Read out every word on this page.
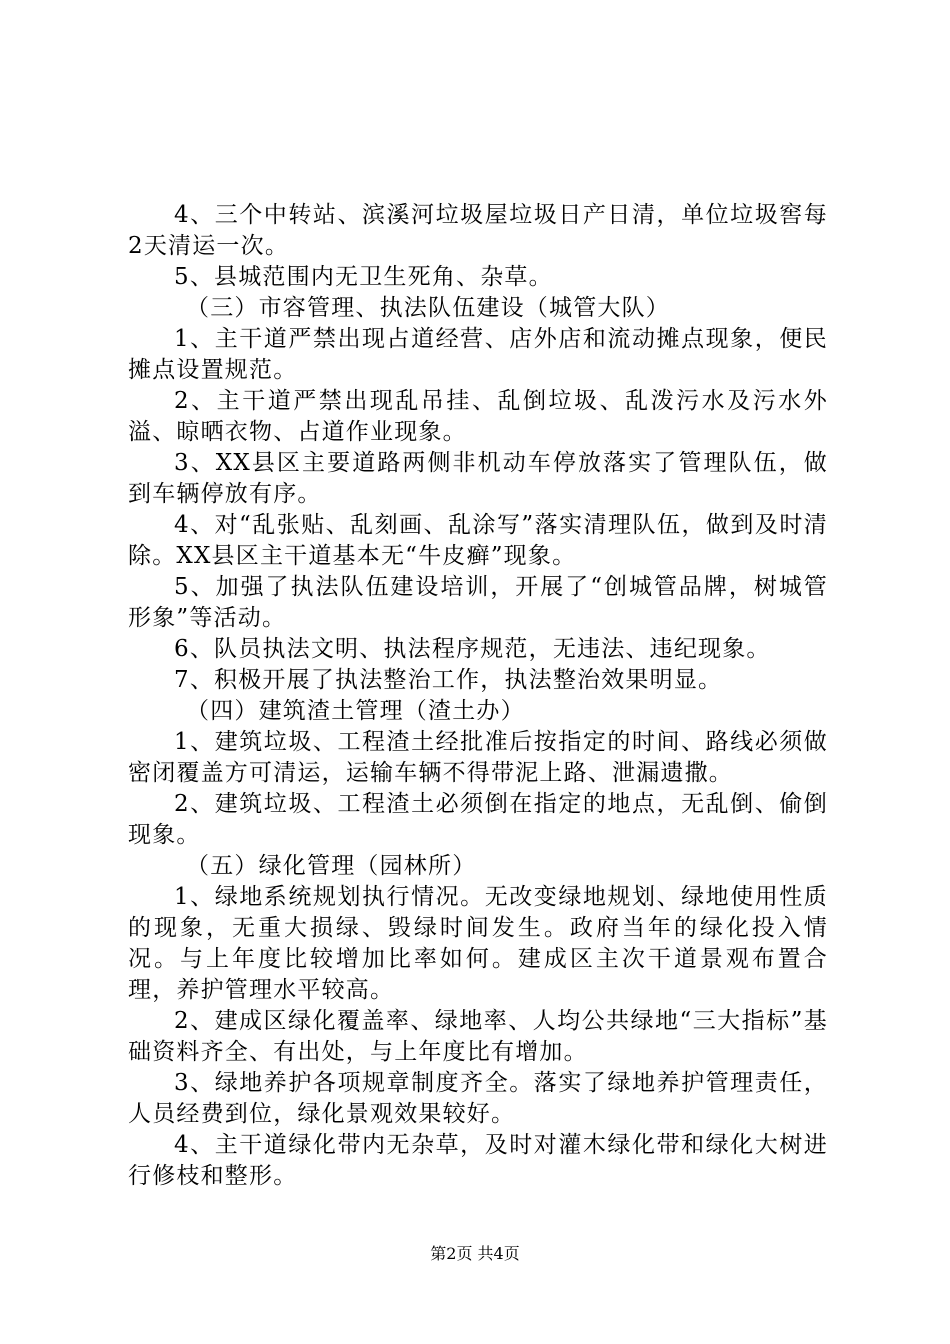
4、三个中转站、滨溪河垃圾屋垃圾日产日清，单位垃圾窖每2天清运一次。

5、县城范围内无卫生死角、杂草。

（三）市容管理、执法队伍建设（城管大队）

1、主干道严禁出现占道经营、店外店和流动摊点现象，便民摊点设置规范。

2、主干道严禁出现乱吊挂、乱倒垃圾、乱泼污水及污水外溢、晾晒衣物、占道作业现象。

3、XX县区主要道路两侧非机动车停放落实了管理队伍，做到车辆停放有序。

4、对“乱张贴、乱刻画、乱涂写”落实清理队伍，做到及时清除。XX县区主干道基本无“牛皮癣”现象。

5、加强了执法队伍建设培训，开展了“创城管品牌，树城管形象”等活动。

6、队员执法文明、执法程序规范，无违法、违纪现象。

7、积极开展了执法整治工作，执法整治效果明显。

（四）建筑渣土管理（渣土办）

1、建筑垃圾、工程渣土经批准后按指定的时间、路线必须做密闭覆盖方可清运，运输车辆不得带泥上路、泄漏遗撒。

2、建筑垃圾、工程渣土必须倒在指定的地点，无乱倒、偷倒现象。

（五）绿化管理（园林所）

1、绿地系统规划执行情况。无改变绿地规划、绿地使用性质的现象，无重大损绿、毁绿时间发生。政府当年的绿化投入情况。与上年度比较增加比率如何。建成区主次干道景观布置合理，养护管理水平较高。

2、建成区绿化覆盖率、绿地率、人均公共绿地“三大指标”基础资料齐全、有出处，与上年度比有增加。

3、绿地养护各项规章制度齐全。落实了绿地养护管理责任，人员经费到位，绿化景观效果较好。

4、主干道绿化带内无杂草，及时对灌木绿化带和绿化大树进行修枝和整形。

第2页 共4页
